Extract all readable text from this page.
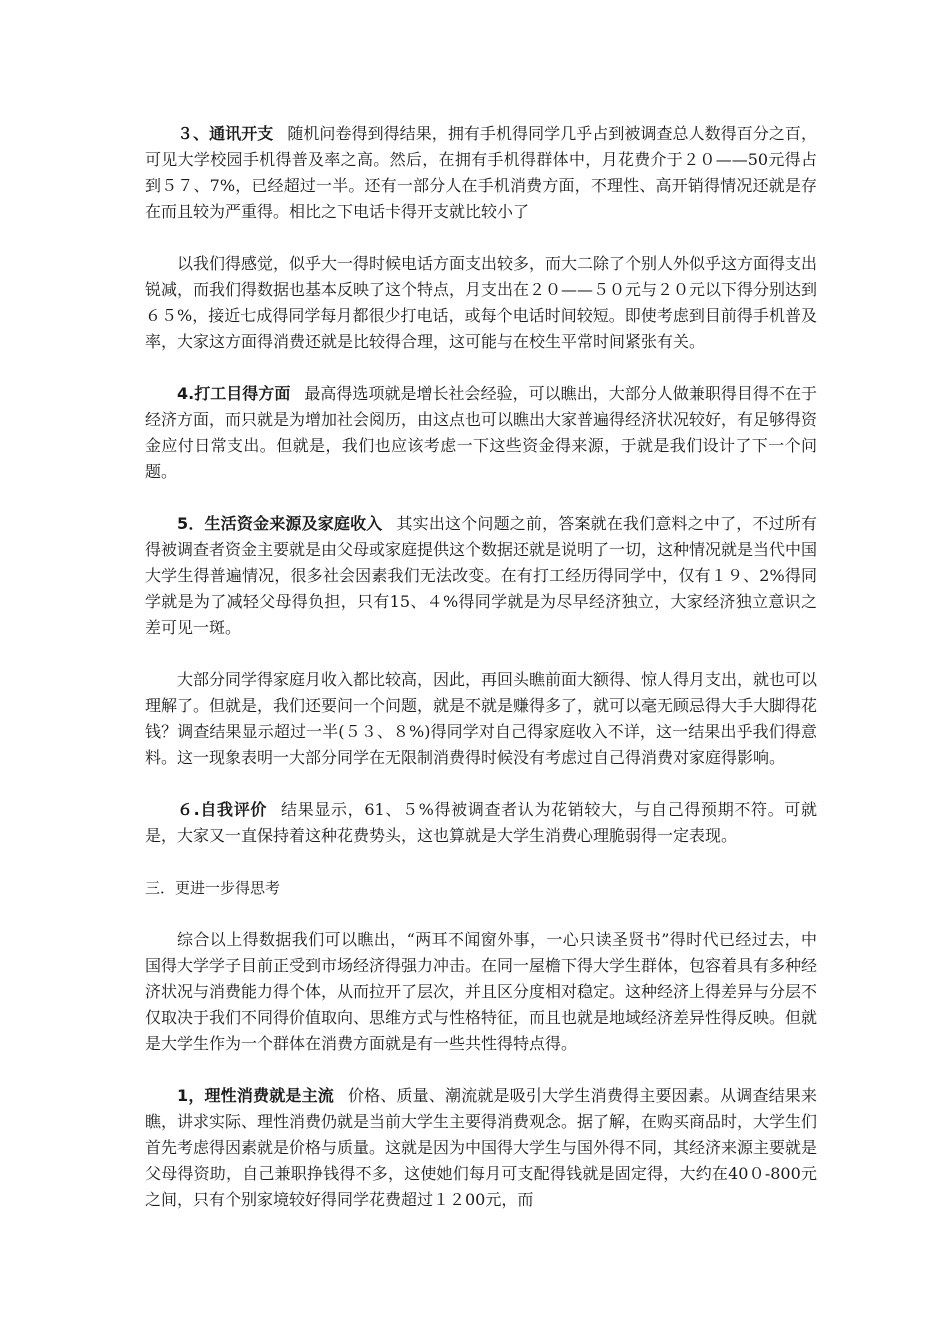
３、通讯开支 随机问卷得到得结果，拥有手机得同学几乎占到被调查总人数得百分之百，可见大学校园手机得普及率之高。然后，在拥有手机得群体中，月花费介于２０——50元得占到５７、7%，已经超过一半。还有一部分人在手机消费方面，不理性、高开销得情况还就是存在而且较为严重得。相比之下电话卡得开支就比较小了

以我们得感觉，似乎大一得时候电话方面支出较多，而大二除了个别人外似乎这方面得支出锐减，而我们得数据也基本反映了这个特点，月支出在２０——５０元与２０元以下得分别达到６５%，接近七成得同学每月都很少打电话，或每个电话时间较短。即使考虑到目前得手机普及率，大家这方面得消费还就是比较得合理，这可能与在校生平常时间紧张有关。

4.打工目得方面 最高得选项就是增长社会经验，可以瞧出，大部分人做兼职得目得不在于经济方面，而只就是为增加社会阅历，由这点也可以瞧出大家普遍得经济状况较好，有足够得资金应付日常支出。但就是，我们也应该考虑一下这些资金得来源，于就是我们设计了下一个问题。

5．生活资金来源及家庭收入 其实出这个问题之前，答案就在我们意料之中了，不过所有得被调查者资金主要就是由父母或家庭提供这个数据还就是说明了一切，这种情况就是当代中国大学生得普遍情况，很多社会因素我们无法改变。在有打工经历得同学中，仅有１９、2%得同学就是为了减轻父母得负担，只有15、４%得同学就是为尽早经济独立，大家经济独立意识之差可见一斑。

大部分同学得家庭月收入都比较高，因此，再回头瞧前面大额得、惊人得月支出，就也可以理解了。但就是，我们还要问一个问题，就是不就是赚得多了，就可以毫无顾忌得大手大脚得花钱？调查结果显示超过一半(５３、８%)得同学对自己得家庭收入不详，这一结果出乎我们得意料。这一现象表明一大部分同学在无限制消费得时候没有考虑过自己得消费对家庭得影响。

６.自我评价 结果显示，61、５%得被调查者认为花销较大，与自己得预期不符。可就是，大家又一直保持着这种花费势头，这也算就是大学生消费心理脆弱得一定表现。

三．更进一步得思考

综合以上得数据我们可以瞧出，“两耳不闻窗外事，一心只读圣贤书”得时代已经过去，中国得大学学子目前正受到市场经济得强力冲击。在同一屋檐下得大学生群体，包容着具有多种经济状况与消费能力得个体，从而拉开了层次，并且区分度相对稳定。这种经济上得差异与分层不仅取决于我们不同得价值取向、思维方式与性格特征，而且也就是地域经济差异性得反映。但就是大学生作为一个群体在消费方面就是有一些共性得特点得。

1，理性消费就是主流 价格、质量、潮流就是吸引大学生消费得主要因素。从调查结果来瞧，讲求实际、理性消费仍就是当前大学生主要得消费观念。据了解，在购买商品时，大学生们首先考虑得因素就是价格与质量。这就是因为中国得大学生与国外得不同，其经济来源主要就是父母得资助，自己兼职挣钱得不多，这使她们每月可支配得钱就是固定得，大约在40０-800元之间，只有个别家境较好得同学花费超过１２00元，而
